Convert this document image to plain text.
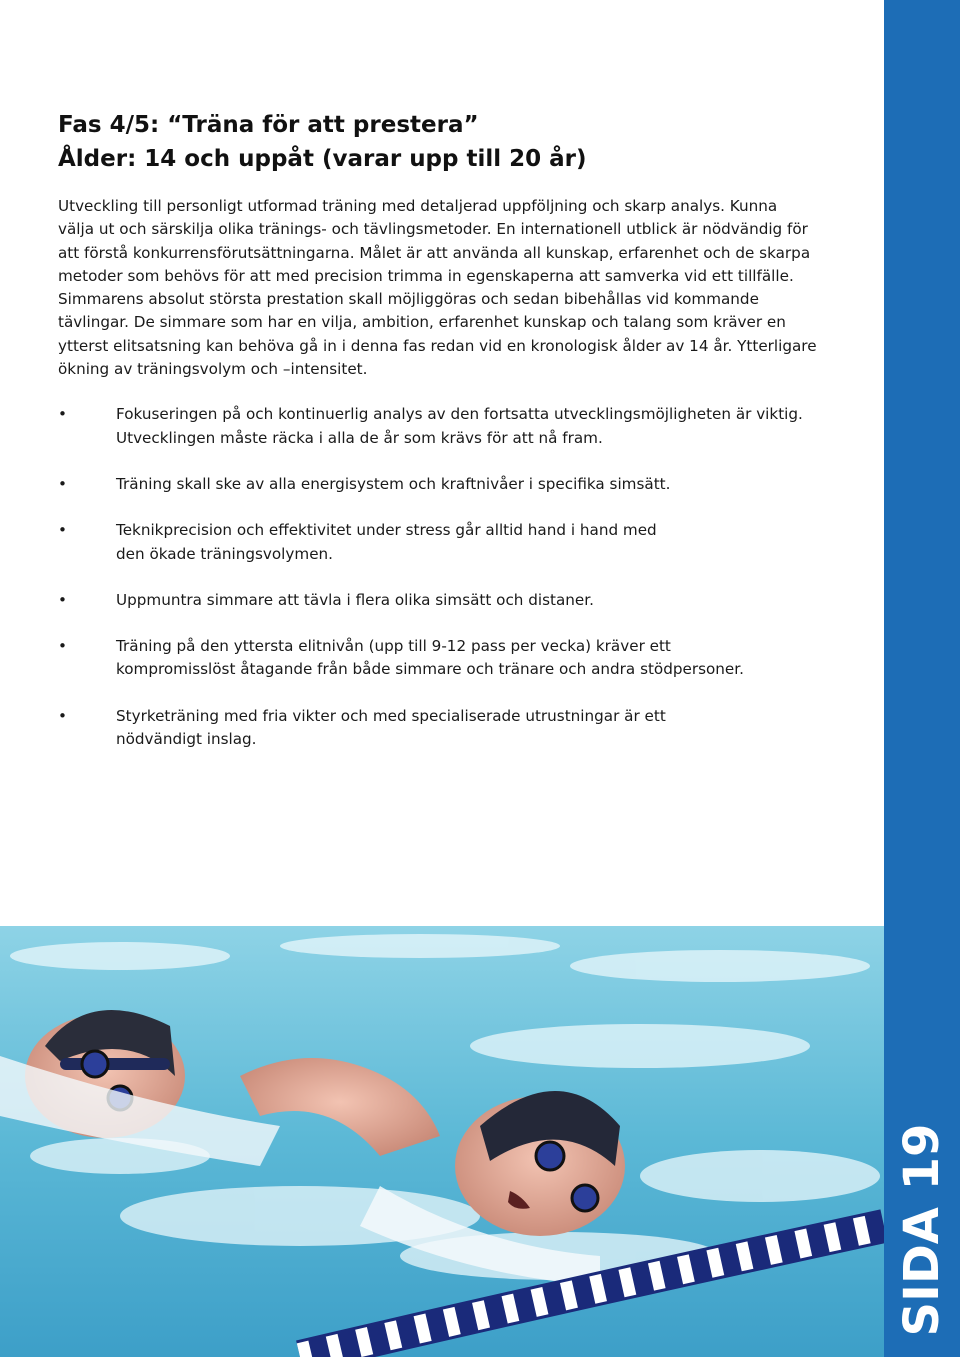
Fas 4/5: “Träna för att prestera”
Ålder: 14 och uppåt (varar upp till 20 år)

Utveckling till personligt utformad träning med detaljerad uppföljning och skarp analys. Kunna
välja ut och särskilja olika tränings- och tävlingsmetoder. En internationell utblick är nödvändig för
att förstå konkurrensförutsättningarna. Målet är att använda all kunskap, erfarenhet och de skarpa
metoder som behövs för att med precision trimma in egenskaperna att samverka vid ett tillfälle.
Simmarens absolut största prestation skall möjliggöras och sedan bibehållas vid kommande
tävlingar. De simmare som har en vilja, ambition, erfarenhet kunskap och talang som kräver en
ytterst elitsatsning kan behöva gå in i denna fas redan vid en kronologisk ålder av 14 år. Ytterligare
ökning av träningsvolym och –intensitet.

•	Fokuseringen på och kontinuerlig analys av den fortsatta utvecklingsmöjligheten är viktig.
Utvecklingen måste räcka i alla de år som krävs för att nå fram.
•	Träning skall ske av alla energisystem och kraftnivåer i specifika simsätt.
•	Teknikprecision och effektivitet under stress går alltid hand i hand med
den ökade träningsvolymen.
•	Uppmuntra simmare att tävla i flera olika simsätt och distaner.
•	Träning på den yttersta elitnivån (upp till 9-12 pass per vecka) kräver ett
kompromisslöst åtagande från både simmare och tränare och andra stödpersoner.
•	Styrketräning med fria vikter och med specialiserade utrustningar är ett
nödvändigt inslag.
SIDA 19
